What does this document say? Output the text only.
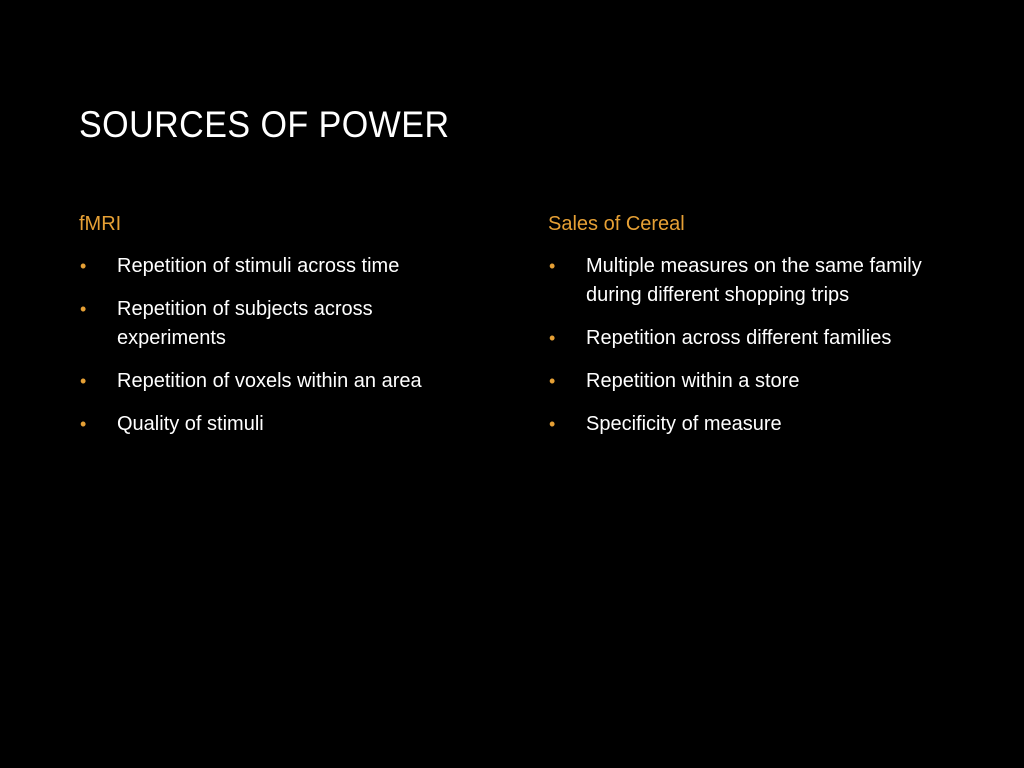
SOURCES OF POWER
fMRI
• Repetition of stimuli across time
• Repetition of subjects across experiments
• Repetition of voxels within an area
• Quality of stimuli
Sales of Cereal
• Multiple measures on the same family during different shopping trips
• Repetition across different families
• Repetition within a store
• Specificity of measure
